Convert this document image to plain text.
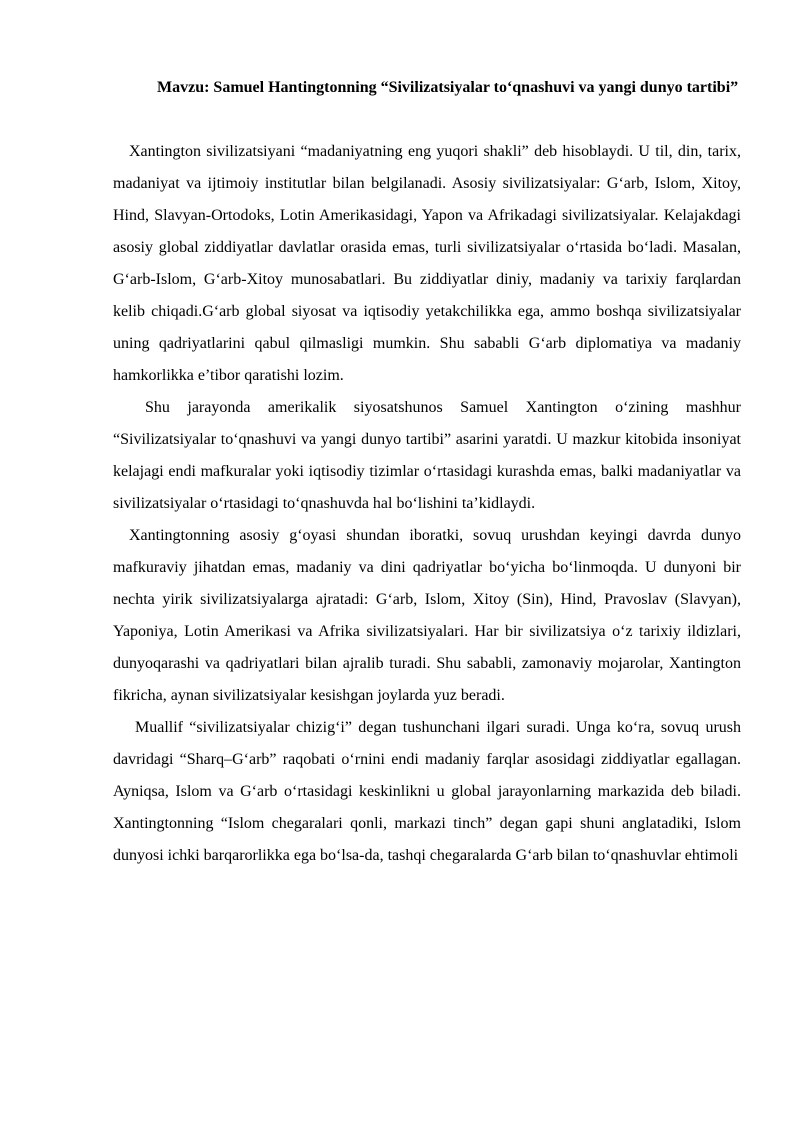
Mavzu: Samuel Hantingtonning “Sivilizatsiyalar to‘qnashuvi va yangi dunyo tartibi”

Xantington sivilizatsiyani “madaniyatning eng yuqori shakli” deb hisoblaydi. U til, din, tarix, madaniyat va ijtimoiy institutlar bilan belgilanadi. Asosiy sivilizatsiyalar: G‘arb, Islom, Xitoy, Hind, Slavyan-Ortodoks, Lotin Amerikasidagi, Yapon va Afrikadagi sivilizatsiyalar. Kelajakdagi asosiy global ziddiyatlar davlatlar orasida emas, turli sivilizatsiyalar o‘rtasida bo‘ladi. Masalan, G‘arb-Islom, G‘arb-Xitoy munosabatlari. Bu ziddiyatlar diniy, madaniy va tarixiy farqlardan kelib chiqadi.G‘arb global siyosat va iqtisodiy yetakchilikka ega, ammo boshqa sivilizatsiyalar uning qadriyatlarini qabul qilmasligi mumkin. Shu sababli G‘arb diplomatiya va madaniy hamkorlikka e’tibor qaratishi lozim.

Shu jarayonda amerikalik siyosatshunos Samuel Xantington o‘zining mashhur “Sivilizatsiyalar to‘qnashuvi va yangi dunyo tartibi” asarini yaratdi. U mazkur kitobida insoniyat kelajagi endi mafkuralar yoki iqtisodiy tizimlar o‘rtasidagi kurashda emas, balki madaniyatlar va sivilizatsiyalar o‘rtasidagi to‘qnashuvda hal bo‘lishini ta’kidlaydi.

Xantingtonning asosiy g‘oyasi shundan iboratki, sovuq urushdan keyingi davrda dunyo mafkuraviy jihatdan emas, madaniy va dini qadriyatlar bo‘yicha bo‘linmoqda. U dunyoni bir nechta yirik sivilizatsiyalarga ajratadi: G‘arb, Islom, Xitoy (Sin), Hind, Pravoslav (Slavyan), Yaponiya, Lotin Amerikasi va Afrika sivilizatsiyalari. Har bir sivilizatsiya o‘z tarixiy ildizlari, dunyoqarashi va qadriyatlari bilan ajralib turadi. Shu sababli, zamonaviy mojarolar, Xantington fikricha, aynan sivilizatsiyalar kesishgan joylarda yuz beradi.

Muallif “sivilizatsiyalar chizig‘i” degan tushunchani ilgari suradi. Unga ko‘ra, sovuq urush davridagi “Sharq–G‘arb” raqobati o‘rnini endi madaniy farqlar asosidagi ziddiyatlar egallagan. Ayniqsa, Islom va G‘arb o‘rtasidagi keskinlikni u global jarayonlarning markazida deb biladi. Xantingtonning “Islom chegaralari qonli, markazi tinch” degan gapi shuni anglatadiki, Islom dunyosi ichki barqarorlikka ega bo‘lsa-da, tashqi chegaralarda G‘arb bilan to‘qnashuvlar ehtimoli
